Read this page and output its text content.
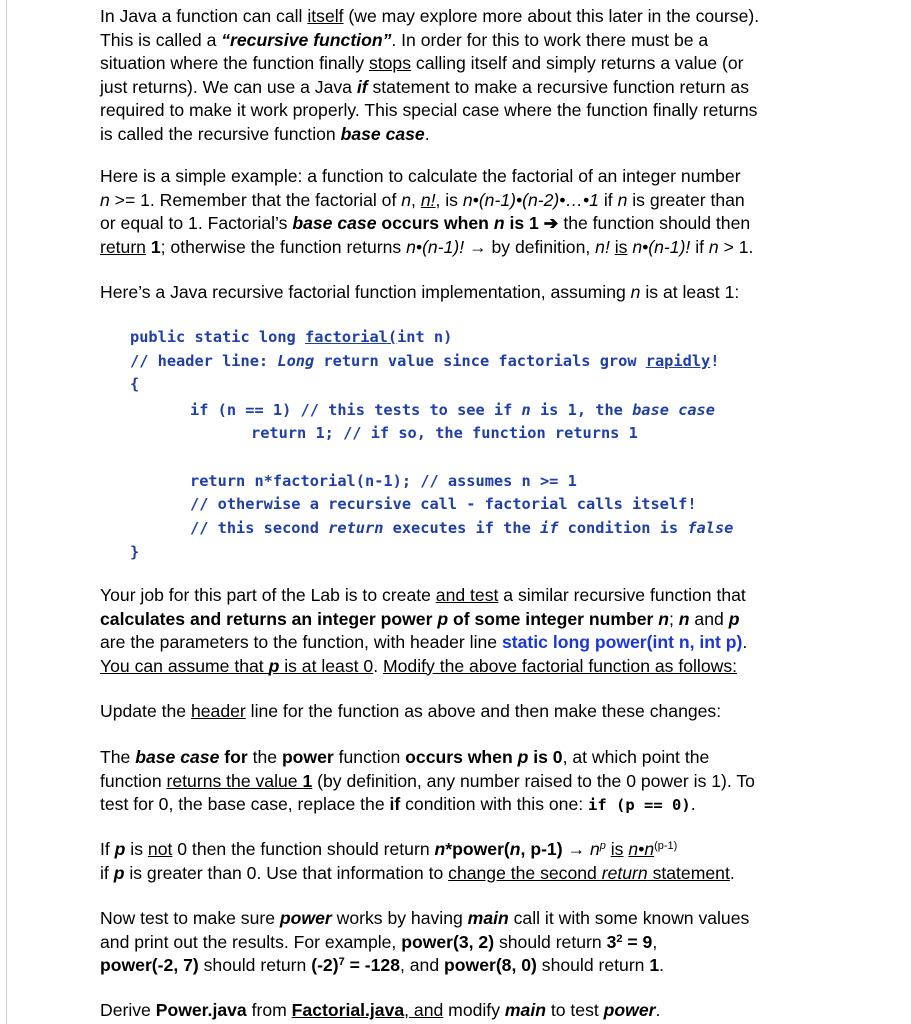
In Java a function can call itself (we may explore more about this later in the course).

This is called a “recursive function”. In order for this to work there must be a

situation where the function finally stops calling itself and simply returns a value (or

just returns). We can use a Java if statement to make a recursive function return as

required to make it work properly. This special case where the function finally returns

is called the recursive function base case.

Here is a simple example: a function to calculate the factorial of an integer number

n >= 1. Remember that the factorial of n, n!, is n•(n-1)•(n-2)•…•1 if n is greater than

or equal to 1. Factorial’s base case occurs when n is 1 ➔ the function should then

return 1; otherwise the function returns n•(n-1)! → by definition, n! is n•(n-1)! if n > 1.

Here’s a Java recursive factorial function implementation, assuming n is at least 1:

public static long factorial(int n)
// header line: Long return value since factorials grow rapidly!
{
if (n == 1) // this tests to see if n is 1, the base case
return 1; // if so, the function returns 1
return n*factorial(n-1); // assumes n >= 1
// otherwise a recursive call - factorial calls itself!
// this second return executes if the if condition is false
}

Your job for this part of the Lab is to create and test a similar recursive function that

calculates and returns an integer power p of some integer number n; n and p

are the parameters to the function, with header line static long power(int n, int p).

You can assume that p is at least 0. Modify the above factorial function as follows:

Update the header line for the function as above and then make these changes:

The base case for the power function occurs when p is 0, at which point the

function returns the value 1 (by definition, any number raised to the 0 power is 1). To

test for 0, the base case, replace the if condition with this one: if (p == 0).

If p is not 0 then the function should return n*power(n, $p-1) \to n^p$ is $n•n^{(p-1)}$

if p is greater than 0. Use that information to change the second return statement.

Now test to make sure power works by having main call it with some known values

and print out the results. For example, power(3, 2) should return $3^2 = 9$,

power(-2, 7) should return $(-2)^7 = -128$, and power(8, 0) should return 1.

Derive Power.java from Factorial.java, and modify main to test power.
